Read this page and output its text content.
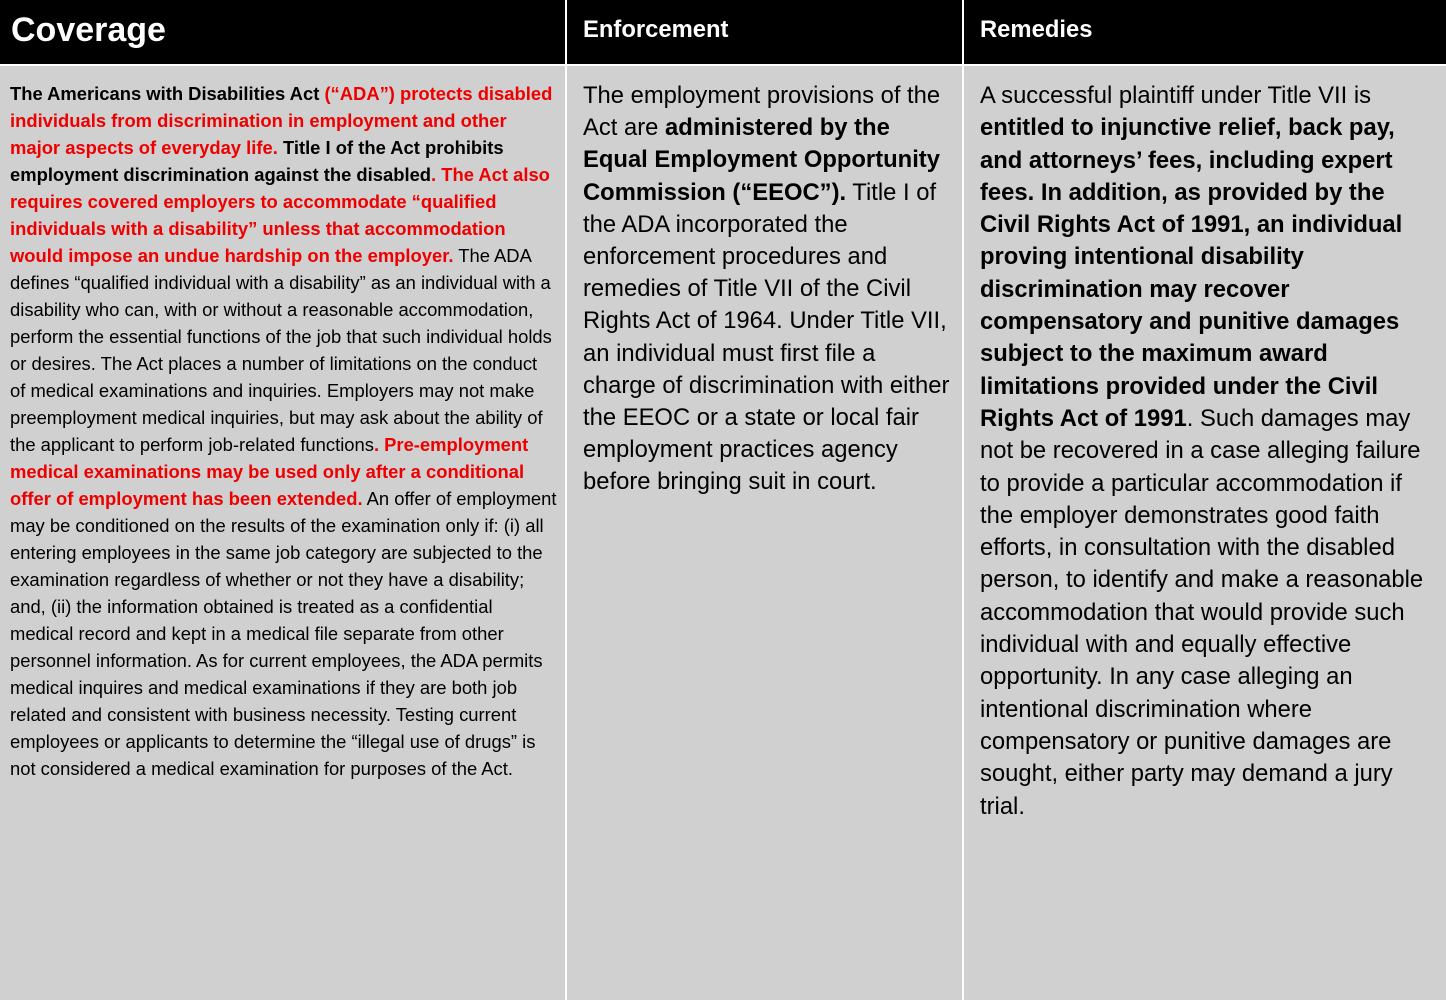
Coverage	Enforcement	Remedies
The Americans with Disabilities Act (“ADA”) protects disabled individuals from discrimination in employment and other major aspects of everyday life. Title I of the Act prohibits employment discrimination against the disabled. The Act also requires covered employers to accommodate “qualified individuals with a disability” unless that accommodation would impose an undue hardship on the employer. The ADA defines “qualified individual with a disability” as an individual with a disability who can, with or without a reasonable accommodation, perform the essential functions of the job that such individual holds or desires. The Act places a number of limitations on the conduct of medical examinations and inquiries. Employers may not make preemployment medical inquiries, but may ask about the ability of the applicant to perform job-related functions. Pre-employment medical examinations may be used only after a conditional offer of employment has been extended. An offer of employment may be conditioned on the results of the examination only if: (i) all entering employees in the same job category are subjected to the examination regardless of whether or not they have a disability; and, (ii) the information obtained is treated as a confidential medical record and kept in a medical file separate from other personnel information. As for current employees, the ADA permits medical inquires and medical examinations if they are both job related and consistent with business necessity. Testing current employees or applicants to determine the “illegal use of drugs” is not considered a medical examination for purposes of the Act.
The employment provisions of the Act are administered by the Equal Employment Opportunity Commission (“EEOC”). Title I of the ADA incorporated the enforcement procedures and remedies of Title VII of the Civil Rights Act of 1964. Under Title VII, an individual must first file a charge of discrimination with either the EEOC or a state or local fair employment practices agency before bringing suit in court.
A successful plaintiff under Title VII is entitled to injunctive relief, back pay, and attorneys’ fees, including expert fees. In addition, as provided by the Civil Rights Act of 1991, an individual proving intentional disability discrimination may recover compensatory and punitive damages subject to the maximum award limitations provided under the Civil Rights Act of 1991. Such damages may not be recovered in a case alleging failure to provide a particular accommodation if the employer demonstrates good faith efforts, in consultation with the disabled person, to identify and make a reasonable accommodation that would provide such individual with and equally effective opportunity. In any case alleging an intentional discrimination where compensatory or punitive damages are sought, either party may demand a jury trial.
